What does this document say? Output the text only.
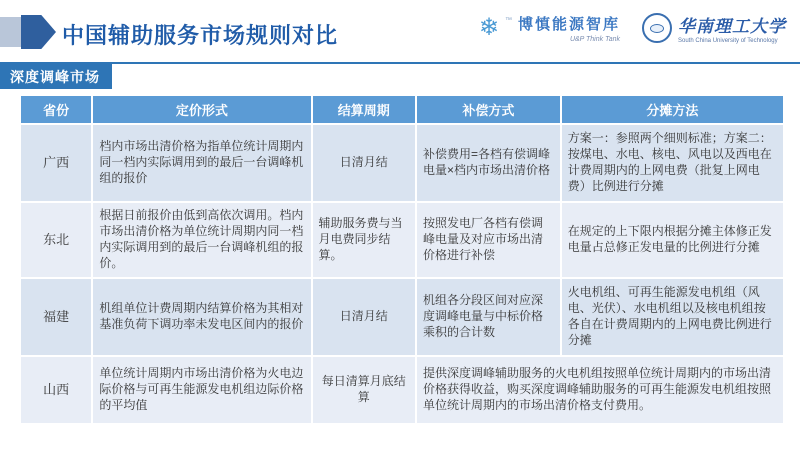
中国辅助服务市场规则对比	❄ ™ 博慎能源智库
U&P Think Tank
华南理工大学
South China University of Technology
深度调峰市场
省份	定价形式	结算周期	补偿方式	分摊方法
广西	档内市场出清价格为指单位统计周期内同一档内实际调用到的最后一台调峰机组的报价	日清月结	补偿费用=各档有偿调峰电量×档内市场出清价格	方案一：参照两个细则标准；方案二：按煤电、水电、核电、风电以及西电在计费周期内的上网电费（批复上网电费）比例进行分摊
东北	根据日前报价由低到高依次调用。档内市场出清价格为单位统计周期内同一档内实际调用到的最后一台调峰机组的报价。	辅助服务费与当月电费同步结算。	按照发电厂各档有偿调峰电量及对应市场出清价格进行补偿	在规定的上下限内根据分摊主体修正发电量占总修正发电量的比例进行分摊
福建	机组单位计费周期内结算价格为其相对基准负荷下调功率未发电区间内的报价	日清月结	机组各分段区间对应深度调峰电量与中标价格乘积的合计数	火电机组、可再生能源发电机组（风电、光伏）、水电机组以及核电机组按各自在计费周期内的上网电费比例进行分摊
山西	单位统计周期内市场出清价格为火电边际价格与可再生能源发电机组边际价格的平均值	每日清算月底结算	提供深度调峰辅助服务的火电机组按照单位统计周期内的市场出清价格获得收益，购买深度调峰辅助服务的可再生能源发电机组按照单位统计周期内的市场出清价格支付费用。	
